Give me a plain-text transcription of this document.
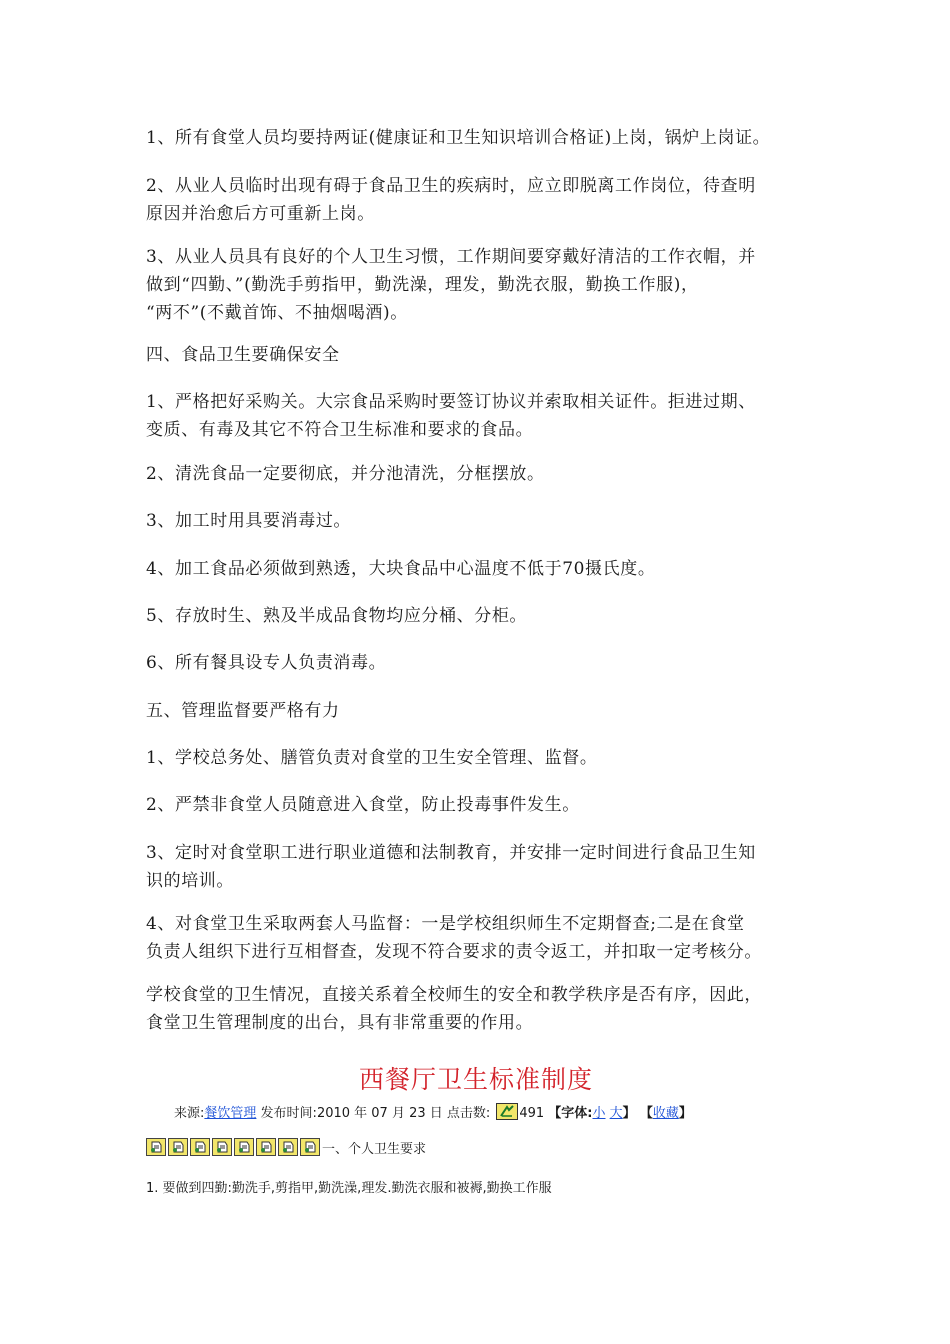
1、所有食堂人员均要持两证(健康证和卫生知识培训合格证)上岗，锅炉上岗证。
2、从业人员临时出现有碍于食品卫生的疾病时，应立即脱离工作岗位，待查明
原因并治愈后方可重新上岗。
3、从业人员具有良好的个人卫生习惯，工作期间要穿戴好清洁的工作衣帽，并
做到“四勤、”(勤洗手剪指甲，勤洗澡，理发，勤洗衣服，勤换工作服)，
“两不”(不戴首饰、不抽烟喝酒)。
四、食品卫生要确保安全
1、严格把好采购关。大宗食品采购时要签订协议并索取相关证件。拒进过期、
变质、有毒及其它不符合卫生标准和要求的食品。
2、清洗食品一定要彻底，并分池清洗，分框摆放。
3、加工时用具要消毒过。
4、加工食品必须做到熟透，大块食品中心温度不低于70摄氏度。
5、存放时生、熟及半成品食物均应分桶、分柜。
6、所有餐具设专人负责消毒。
五、管理监督要严格有力
1、学校总务处、膳管负责对食堂的卫生安全管理、监督。
2、严禁非食堂人员随意进入食堂，防止投毒事件发生。
3、定时对食堂职工进行职业道德和法制教育，并安排一定时间进行食品卫生知
识的培训。
4、对食堂卫生采取两套人马监督：一是学校组织师生不定期督查;二是在食堂
负责人组织下进行互相督查，发现不符合要求的责令返工，并扣取一定考核分。
学校食堂的卫生情况，直接关系着全校师生的安全和教学秩序是否有序，因此，
食堂卫生管理制度的出台，具有非常重要的作用。
西餐厅卫生标准制度
来源:餐饮管理 发布时间:2010 年 07 月 23 日 点击数: 491 【字体:小 大】 【收藏】
一、个人卫生要求
1. 要做到四勤:勤洗手,剪指甲,勤洗澡,理发.勤洗衣服和被褥,勤换工作服
